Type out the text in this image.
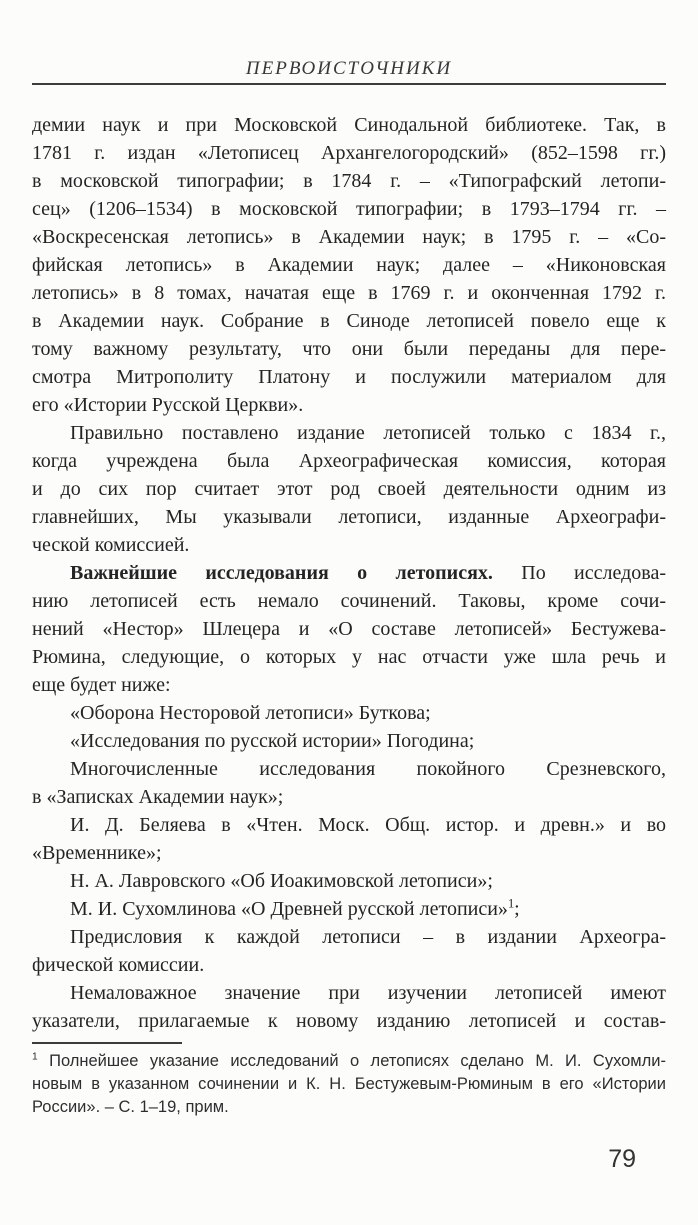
ПЕРВОИСТОЧНИКИ
демии наук и при Московской Синодальной библиотеке. Так, в
1781 г. издан «Летописец Архангелогородский» (852–1598 гг.)
в московской типографии; в 1784 г. – «Типографский летопи-
сец» (1206–1534) в московской типографии; в 1793–1794 гг. –
«Воскресенская летопись» в Академии наук; в 1795 г. – «Со-
фийская летопись» в Академии наук; далее – «Никоновская
летопись» в 8 томах, начатая еще в 1769 г. и оконченная 1792 г.
в Академии наук. Собрание в Синоде летописей повело еще к
тому важному результату, что они были переданы для пере-
смотра Митрополиту Платону и послужили материалом для
его «Истории Русской Церкви».
Правильно поставлено издание летописей только с 1834 г.,
когда учреждена была Археографическая комиссия, которая
и до сих пор считает этот род своей деятельности одним из
главнейших, Мы указывали летописи, изданные Археографи-
ческой комиссией.
Важнейшие исследования о летописях. По исследова-
нию летописей есть немало сочинений. Таковы, кроме сочи-
нений «Нестор» Шлецера и «О составе летописей» Бестужева-
Рюмина, следующие, о которых у нас отчасти уже шла речь и
еще будет ниже:
«Оборона Несторовой летописи» Буткова;
«Исследования по русской истории» Погодина;
Многочисленные исследования покойного Срезневского,
в «Записках Академии наук»;
И. Д. Беляева в «Чтен. Моск. Общ. истор. и древн.» и во
«Временнике»;
Н. А. Лавровского «Об Иоакимовской летописи»;
М. И. Сухомлинова «О Древней русской летописи»$^1$;
Предисловия к каждой летописи – в издании Археогра-
фической комиссии.
Немаловажное значение при изучении летописей имеют
указатели, прилагаемые к новому изданию летописей и состав-
$^1$ Полнейшее указание исследований о летописях сделано М. И. Сухомли-
новым в указанном сочинении и К. Н. Бестужевым-Рюминым в его «Истории
России». – С. 1–19, прим.
79
